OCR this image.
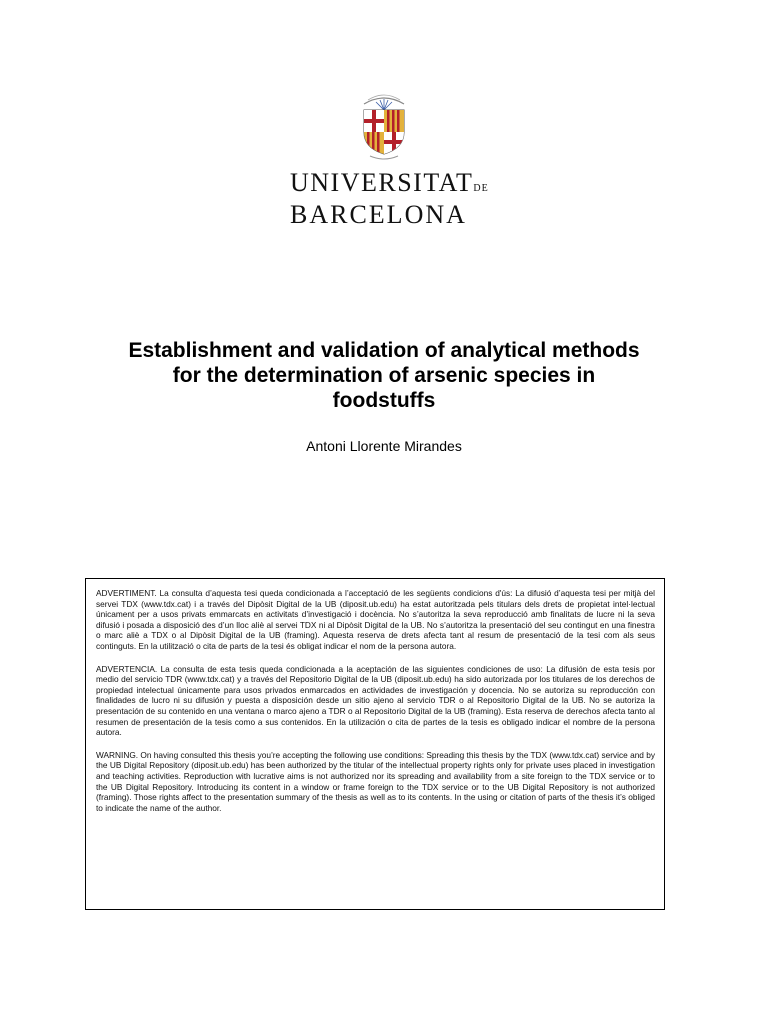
UNIVERSITATDE
BARCELONA
Establishment and validation of analytical methods for the determination of arsenic species in foodstuffs
Antoni Llorente Mirandes

ADVERTIMENT. La consulta d’aquesta tesi queda condicionada a l’acceptació de les següents condicions d'ús: La difusió d’aquesta tesi per mitjà del servei TDX (www.tdx.cat) i a través del Dipòsit Digital de la UB (diposit.ub.edu) ha estat autoritzada pels titulars dels drets de propietat intel·lectual únicament per a usos privats emmarcats en activitats d’investigació i docència. No s’autoritza la seva reproducció amb finalitats de lucre ni la seva difusió i posada a disposició des d’un lloc aliè al servei TDX ni al Dipòsit Digital de la UB. No s’autoritza la presentació del seu contingut en una finestra o marc aliè a TDX o al Dipòsit Digital de la UB (framing). Aquesta reserva de drets afecta tant al resum de presentació de la tesi com als seus continguts. En la utilització o cita de parts de la tesi és obligat indicar el nom de la persona autora.

ADVERTENCIA. La consulta de esta tesis queda condicionada a la aceptación de las siguientes condiciones de uso: La difusión de esta tesis por medio del servicio TDR (www.tdx.cat) y a través del Repositorio Digital de la UB (diposit.ub.edu) ha sido autorizada por los titulares de los derechos de propiedad intelectual únicamente para usos privados enmarcados en actividades de investigación y docencia. No se autoriza su reproducción con finalidades de lucro ni su difusión y puesta a disposición desde un sitio ajeno al servicio TDR o al Repositorio Digital de la UB. No se autoriza la presentación de su contenido en una ventana o marco ajeno a TDR o al Repositorio Digital de la UB (framing). Esta reserva de derechos afecta tanto al resumen de presentación de la tesis como a sus contenidos. En la utilización o cita de partes de la tesis es obligado indicar el nombre de la persona autora.

WARNING. On having consulted this thesis you’re accepting the following use conditions: Spreading this thesis by the TDX (www.tdx.cat) service and by the UB Digital Repository (diposit.ub.edu) has been authorized by the titular of the intellectual property rights only for private uses placed in investigation and teaching activities. Reproduction with lucrative aims is not authorized nor its spreading and availability from a site foreign to the TDX service or to the UB Digital Repository. Introducing its content in a window or frame foreign to the TDX service or to the UB Digital Repository is not authorized (framing). Those rights affect to the presentation summary of the thesis as well as to its contents. In the using or citation of parts of the thesis it’s obliged to indicate the name of the author.
